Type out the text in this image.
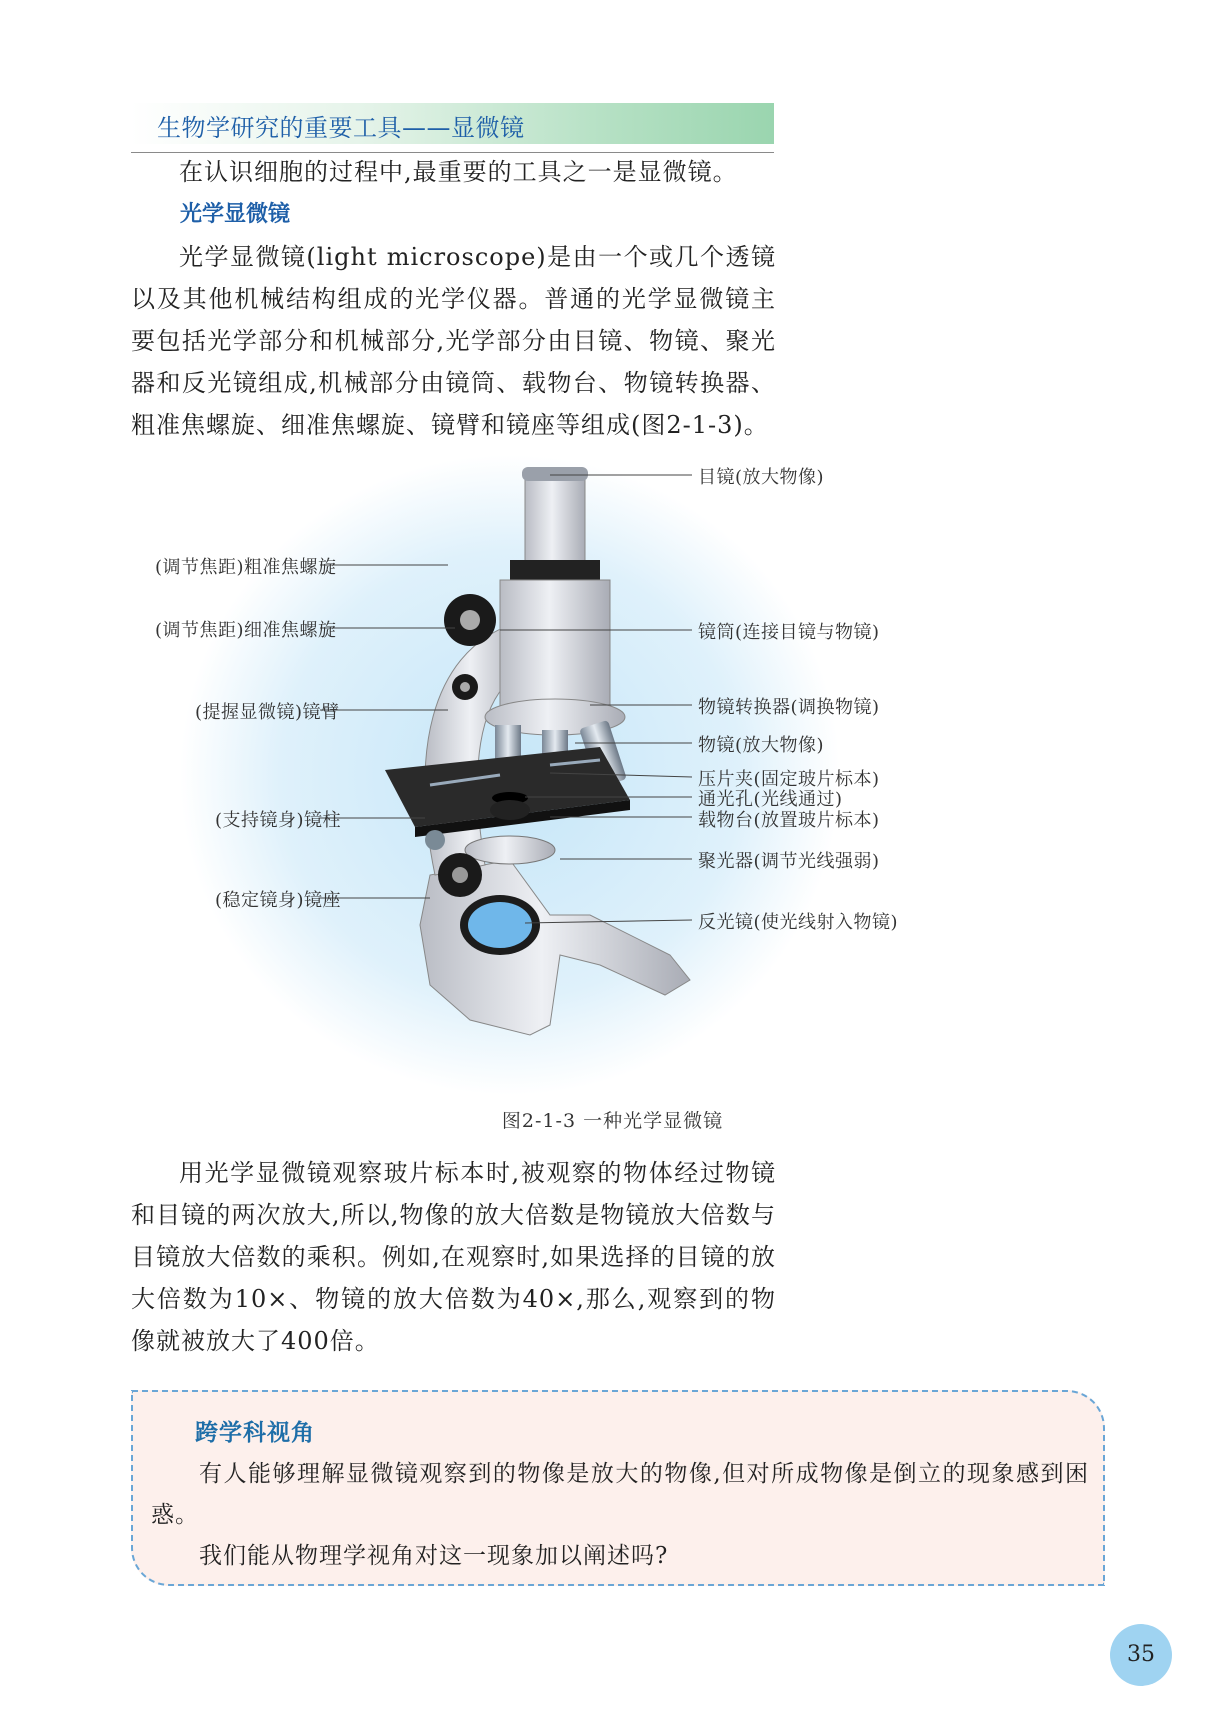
生物学研究的重要工具——显微镜

在认识细胞的过程中,最重要的工具之一是显微镜。

光学显微镜

光学显微镜(light microscope)是由一个或几个透镜以及其他机械结构组成的光学仪器。普通的光学显微镜主要包括光学部分和机械部分,光学部分由目镜、物镜、聚光器和反光镜组成,机械部分由镜筒、载物台、物镜转换器、粗准焦螺旋、细准焦螺旋、镜臂和镜座等组成(图2-1-3)。

目镜(放大物像)
镜筒(连接目镜与物镜)
物镜转换器(调换物镜)
物镜(放大物像)
压片夹(固定玻片标本)
通光孔(光线通过)
载物台(放置玻片标本)
聚光器(调节光线强弱)
反光镜(使光线射入物镜)
(调节焦距)粗准焦螺旋
(调节焦距)细准焦螺旋
(提握显微镜)镜臂
(支持镜身)镜柱
(稳定镜身)镜座
图2-1-3 一种光学显微镜

用光学显微镜观察玻片标本时,被观察的物体经过物镜和目镜的两次放大,所以,物像的放大倍数是物镜放大倍数与目镜放大倍数的乘积。例如,在观察时,如果选择的目镜的放大倍数为10×、物镜的放大倍数为40×,那么,观察到的物像就被放大了400倍。

跨学科视角

有人能够理解显微镜观察到的物像是放大的物像,但对所成物像是倒立的现象感到困惑。

我们能从物理学视角对这一现象加以阐述吗?

35
